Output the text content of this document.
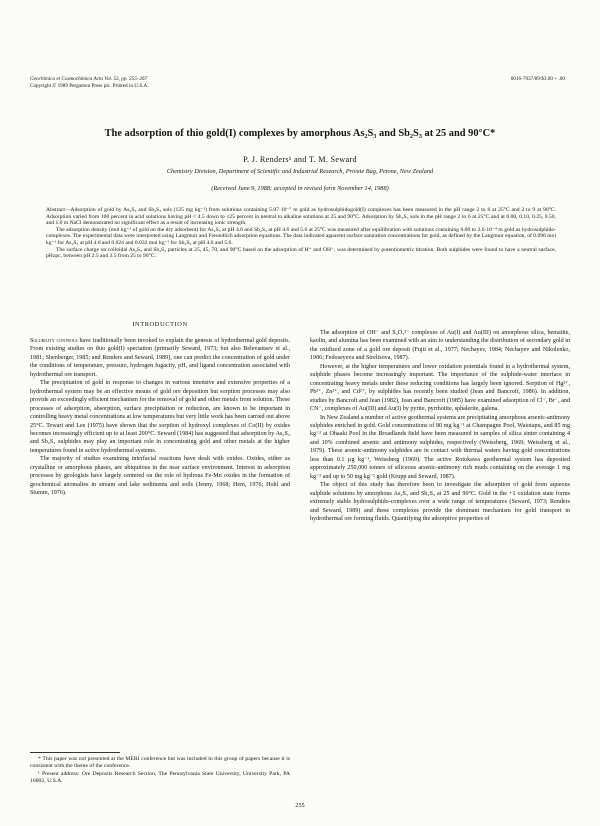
Geochimica et Cosmochimica Acta Vol. 53, pp. 255–267
Copyright © 1989 Pergamon Press plc. Printed in U.S.A.
0016-7037/89/$3.00 + .00
The adsorption of thio gold(I) complexes by amorphous As₂S₃ and Sb₂S₃ at 25 and 90°C*
P. J. Renders¹ and T. M. Seward
Chemistry Division, Department of Scientific and Industrial Research, Private Bag, Petone, New Zealand
(Received June 9, 1988; accepted in revised form November 14, 1988)

Abstract—Adsorption of gold by As₂S₃ and Sb₂S₃ sols (125 mg kg⁻¹) from solutions containing 5.07·10⁻⁷ m gold as hydrosulphidogold(I) complexes has been measured in the pH range 2 to 6 at 25°C and 2 to 9 at 90°C. Adsorption varied from 100 percent in acid solutions having pH < 4.5 down to ≤25 percent in neutral to alkaline solutions at 25 and 90°C. Adsorption by Sb₂S₃ sols in the pH range 2 to 6 at 25°C and at 0.00, 0.10, 0.25, 0.50, and 1.0 m NaCl demonstrated no significant effect as a result of increasing ionic strength.

The adsorption density (mol kg⁻¹ of gold on the dry adsorbent) for As₂S₃ at pH 4.6 and Sb₂S₃ at pH 4.6 and 5.6 at 25°C was measured after equilibration with solutions containing 0.00 to 2.6·10⁻⁴ m gold as hydrosulphido-complexes. The experimental data were interpreted using Langmuir and Freundlich adsorption equations. The data indicated apparent surface saturation concentrations for gold, as defined by the Langmuir equation, of 0.096 mol kg⁻¹ for As₂S₃ at pH 4.6 and 0.024 and 0.032 mol kg⁻¹ for Sb₂S₃ at pH 4.6 and 5.6.

The surface charge on colloidal As₂S₃ and Sb₂S₃ particles at 25, 45, 70, and 90°C based on the adsorption of H⁺ and OH⁻, was determined by potentiometric titration. Both sulphides were found to have a neutral surface, pHzpc, between pH 2.5 and 3.5 from 25 to 90°C.

INTRODUCTION

Solubility controls have traditionally been invoked to explain the genesis of hydrothermal gold deposits. From existing studies on thio gold(I) speciation (primarily Seward, 1973; but also Belevantsev et al., 1981; Shenberger, 1985; and Renders and Seward, 1989), one can predict the concentration of gold under the conditions of temperature, pressure, hydrogen fugacity, pH, and ligand concentration associated with hydrothermal ore transport.

The precipitation of gold in response to changes in various intensive and extensive properties of a hydrothermal system may be an effective means of gold ore deposition but sorption processes may also provide an exceedingly efficient mechanism for the removal of gold and other metals from solution. These processes of adsorption, absorption, surface precipitation or reduction, are known to be important in controlling heavy metal concentrations at low temperatures but very little work has been carried out above 25°C. Tewari and Lee (1975) have shown that the sorption of hydroxyl complexes of Co(II) by oxides becomes increasingly efficient up to at least 200°C. Seward (1984) has suggested that adsorption by As₂S₃ and Sb₂S₃ sulphides may play an important role in concentrating gold and other metals at the higher temperatures found in active hydrothermal systems.

The majority of studies examining interfacial reactions have dealt with oxides. Oxides, either as crystalline or amorphous phases, are ubiquitous in the near surface environment. Interest in adsorption processes by geologists have largely centered on the role of hydrous Fe-Mn oxides in the formation of geochemical anomalies in stream and lake sediments and soils (Jenny, 1968; Hem, 1976; Hohl and Stumm, 1976).

The adsorption of OH⁻ and S₂O₃²⁻ complexes of Au(I) and Au(III) on amorphous silica, hematite, kaolin, and alumina has been examined with an aim to understanding the distribution of secondary gold in the oxidized zone of a gold ore deposit (Fujii et al., 1977; Nechayev, 1984; Nechayev and Nikolenko, 1986; Fedoseyeva and Streltsova, 1987).

However, at the higher temperatures and lower oxidation potentials found in a hydrothermal system, sulphide phases become increasingly important. The importance of the sulphide-water interface in concentrating heavy metals under these reducing conditions has largely been ignored. Sorption of Hg²⁺, Pb²⁺, Zn²⁺, and Cd²⁺, by sulphides has recently been studied (Jean and Bancroft, 1986). In addition, studies by Bancroft and Jean (1982), Jean and Bancroft (1985) have examined adsorption of Cl⁻, Br⁻, and CN⁻, complexes of Au(III) and Au(I) by pyrite, pyrrhotite, sphalerite, galena.

In New Zealand a number of active geothermal systems are precipitating amorphous arsenic-antimony sulphides enriched in gold. Gold concentrations of 80 mg kg⁻¹ at Champagne Pool, Waiotapu, and 85 mg kg⁻¹ at Ohaaki Pool in the Broadlands field have been measured in samples of silica sinter containing 4 and 10% combined arsenic and antimony sulphides, respectively (Weissberg, 1969; Weissberg et al., 1979). These arsenic-antimony sulphides are in contact with thermal waters having gold concentrations less than 0.1 µg kg⁻¹, Weissberg (1969). The active Rotokawa geothermal system has deposited approximately 250,000 tonnes of siliceous arsenic-antimony rich muds containing on the average 1 mg kg⁻¹ and up to 50 mg kg⁻¹ gold (Krupp and Seward, 1987).

The object of this study has therefore been to investigate the adsorption of gold from aqueous sulphide solutions by amorphous As₂S₃ and Sb₂S₃ at 25 and 90°C. Gold in the +1 oxidation state forms extremely stable hydrosulphido-complexes over a wide range of temperatures (Seward, 1973; Renders and Seward, 1989) and these complexes provide the dominant mechanism for gold transport in hydrothermal ore forming fluids. Quantifying the adsorptive properties of

* This paper was not presented at the MERI conference but was included in this group of papers because it is consistent with the theme of the conference.

¹ Present address: Ore Deposits Research Section, The Pennsylvania State University, University Park, PA 16802, U.S.A.

255
